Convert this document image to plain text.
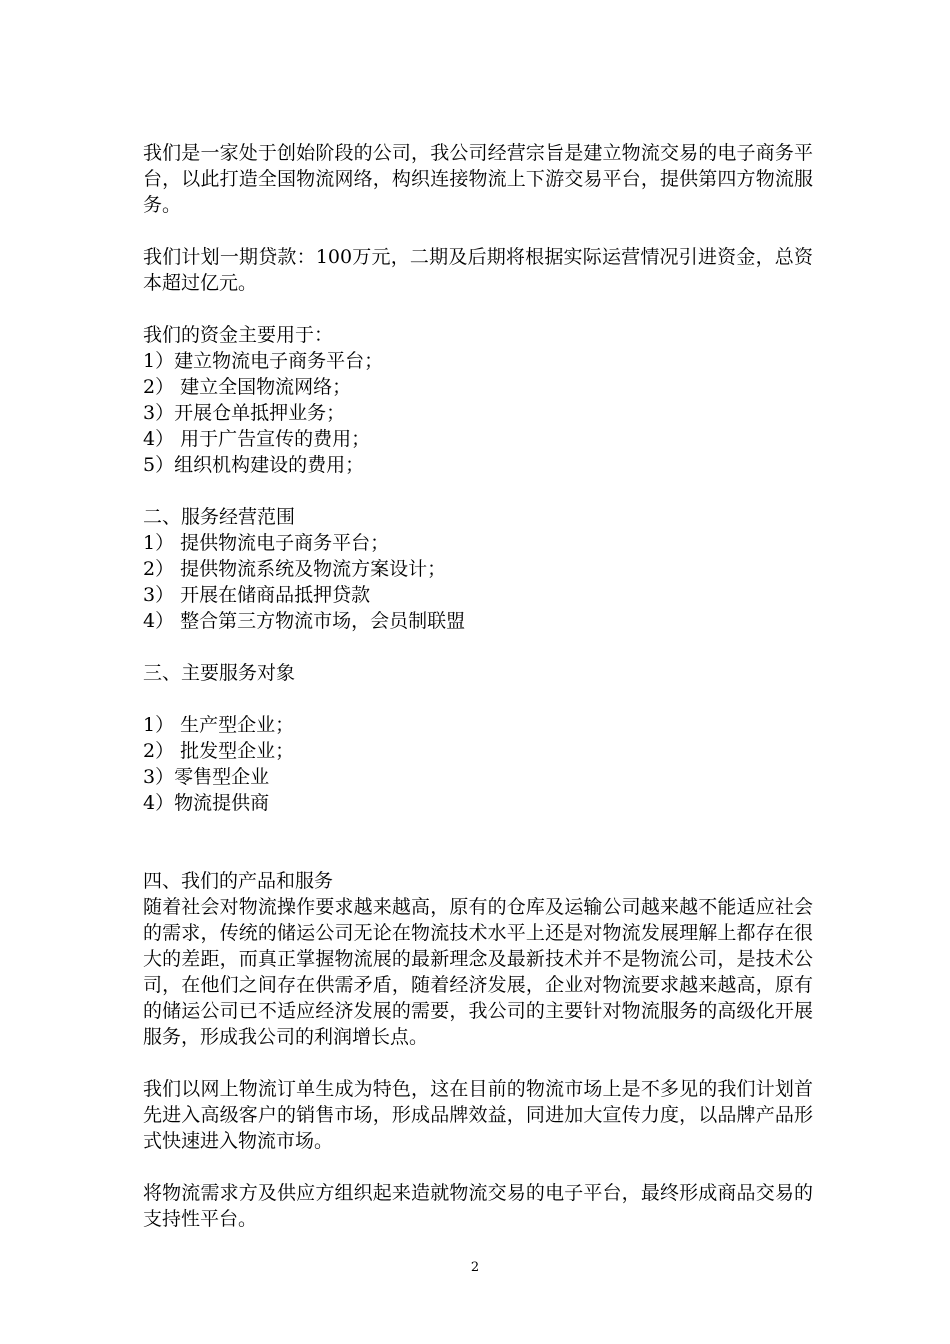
我们是一家处于创始阶段的公司，我公司经营宗旨是建立物流交易的电子商务平台，以此打造全国物流网络，构织连接物流上下游交易平台，提供第四方物流服务。

我们计划一期贷款：100万元，二期及后期将根据实际运营情况引进资金，总资本超过亿元。

我们的资金主要用于：
1）建立物流电子商务平台；
2） 建立全国物流网络；
3）开展仓单抵押业务；
4） 用于广告宣传的费用；
5）组织机构建设的费用；
二、服务经营范围
1） 提供物流电子商务平台；
2） 提供物流系统及物流方案设计；
3） 开展在储商品抵押贷款
4） 整合第三方物流市场，会员制联盟
三、主要服务对象
1） 生产型企业；
2） 批发型企业；
3）零售型企业
4）物流提供商
四、我们的产品和服务

随着社会对物流操作要求越来越高，原有的仓库及运输公司越来越不能适应社会的需求，传统的储运公司无论在物流技术水平上还是对物流发展理解上都存在很大的差距，而真正掌握物流展的最新理念及最新技术并不是物流公司，是技术公司，在他们之间存在供需矛盾，随着经济发展，企业对物流要求越来越高，原有的储运公司已不适应经济发展的需要，我公司的主要针对物流服务的高级化开展服务，形成我公司的利润增长点。

我们以网上物流订单生成为特色，这在目前的物流市场上是不多见的我们计划首先进入高级客户的销售市场，形成品牌效益，同进加大宣传力度，以品牌产品形式快速进入物流市场。

将物流需求方及供应方组织起来造就物流交易的电子平台，最终形成商品交易的支持性平台。

2
